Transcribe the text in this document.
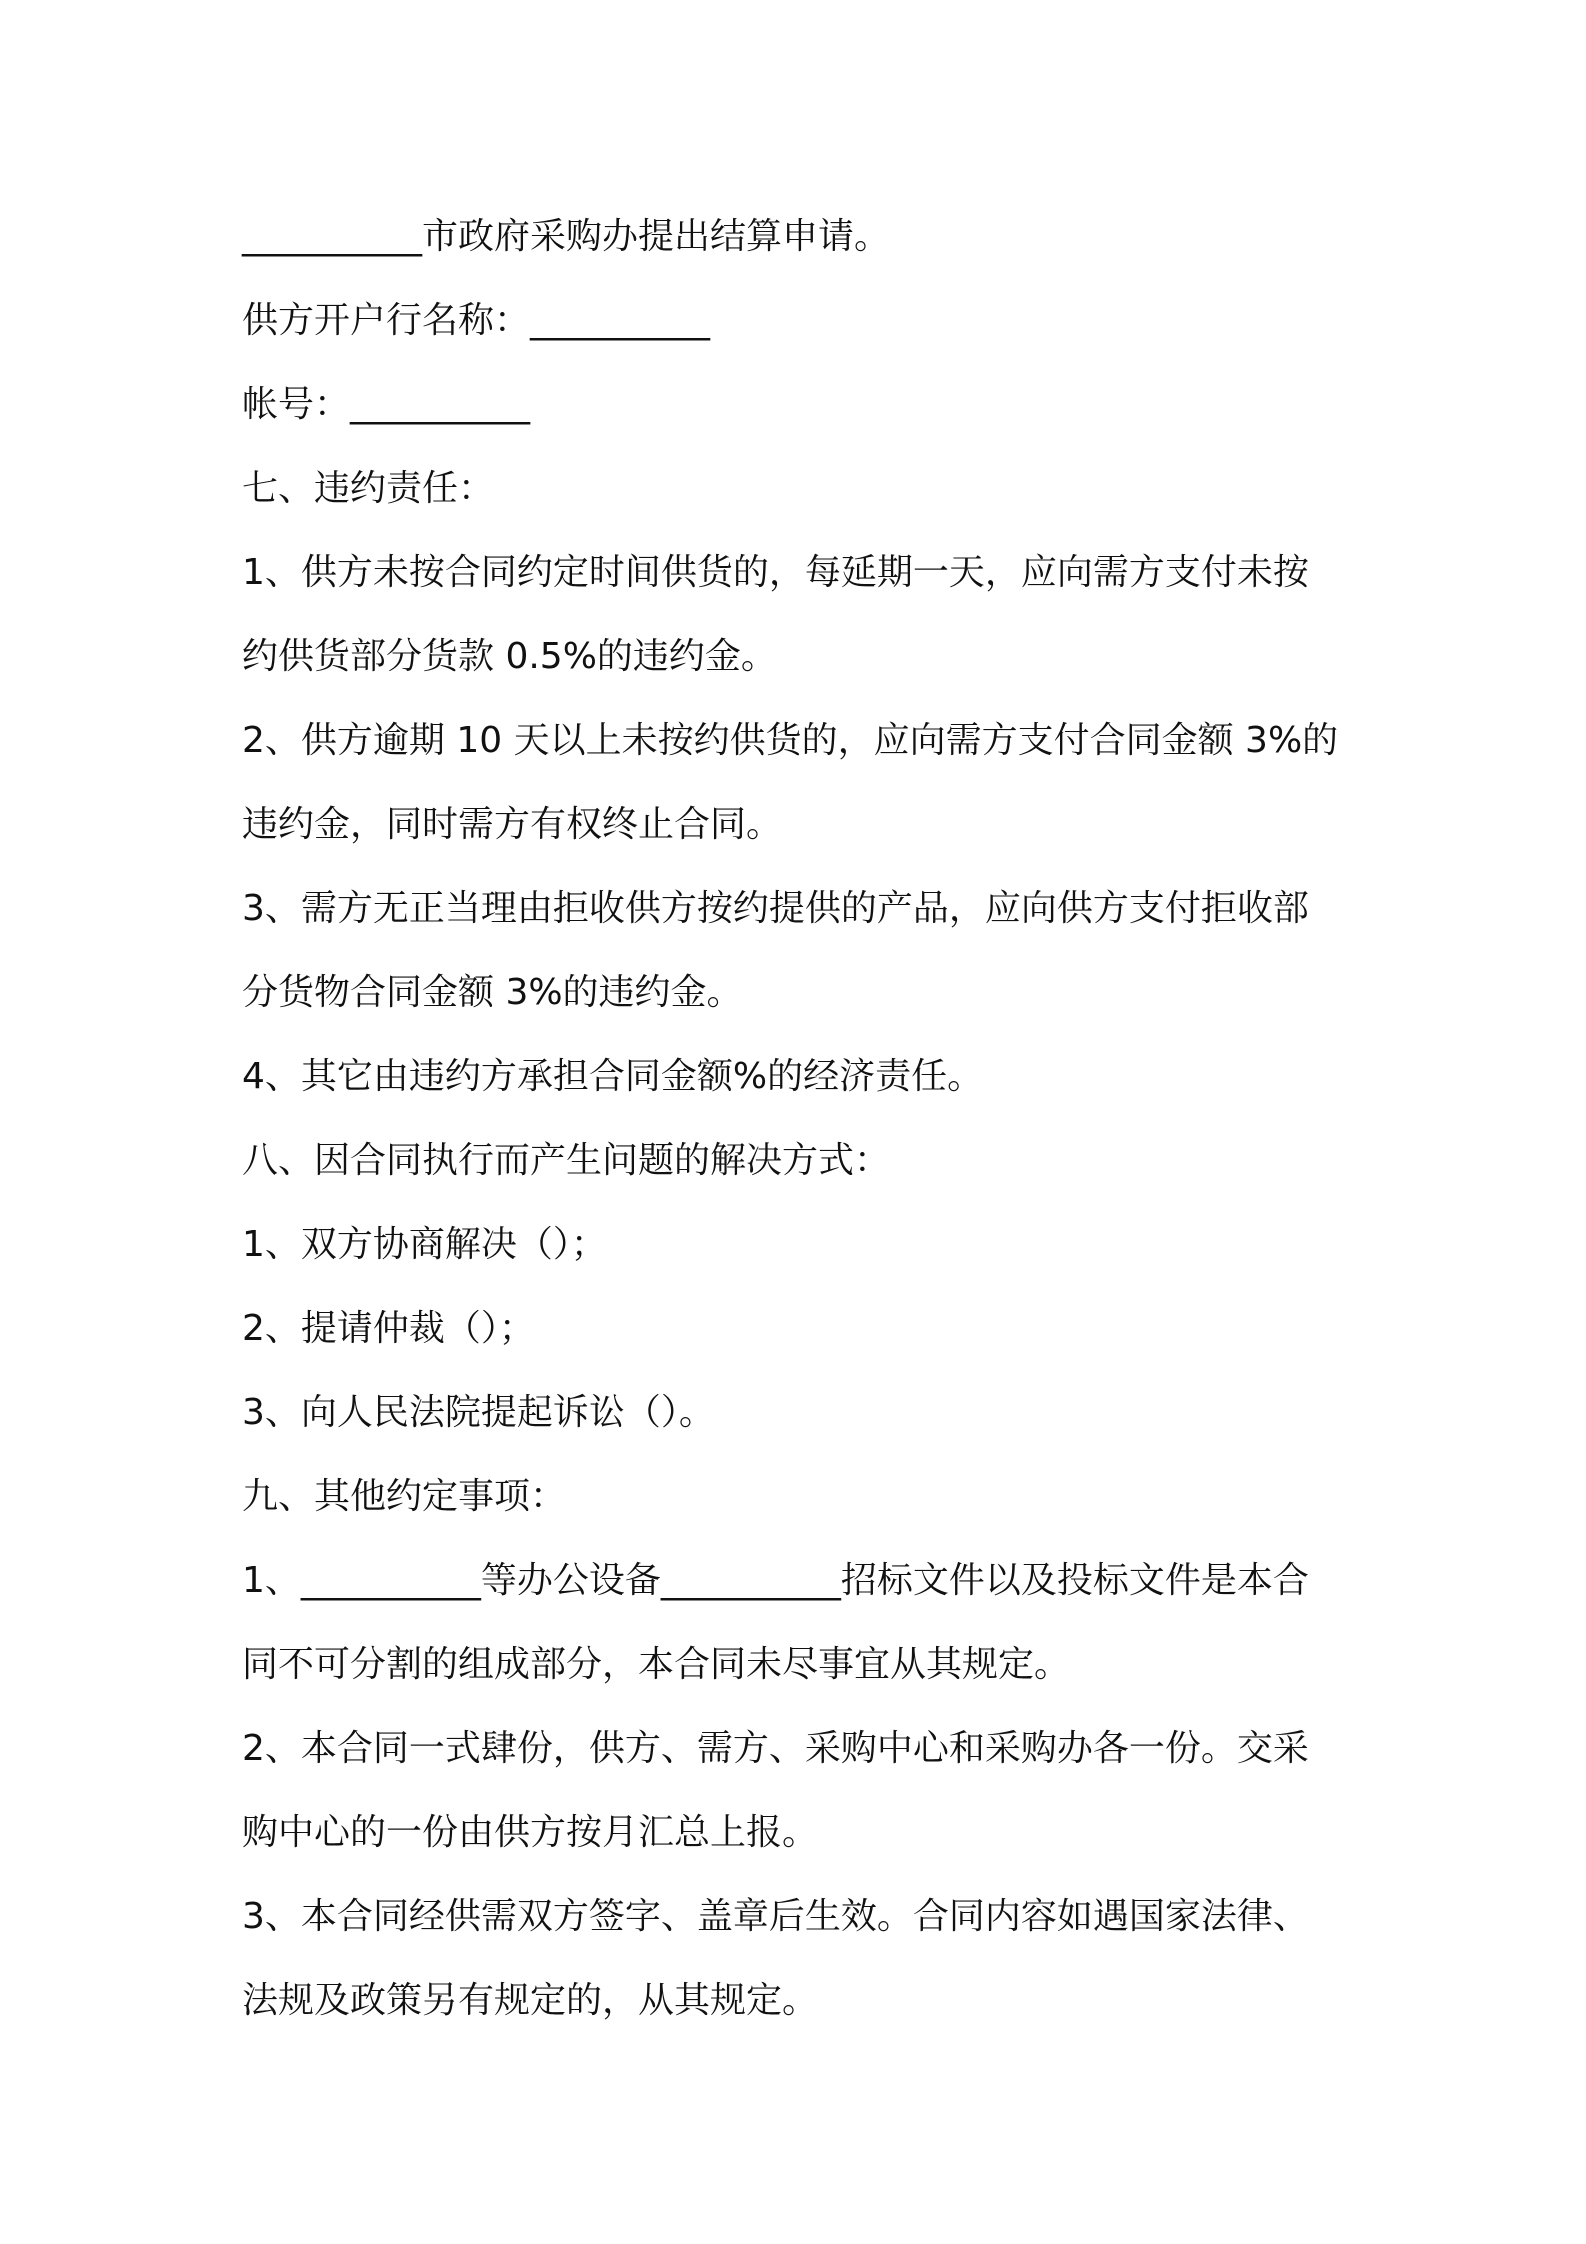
__________市政府采购办提出结算申请。
供方开户行名称：__________
帐号：__________
七、违约责任：
1、供方未按合同约定时间供货的，每延期一天，应向需方支付未按
约供货部分货款 0.5%的违约金。
2、供方逾期 10 天以上未按约供货的，应向需方支付合同金额 3%的
违约金，同时需方有权终止合同。
3、需方无正当理由拒收供方按约提供的产品，应向供方支付拒收部
分货物合同金额 3%的违约金。
4、其它由违约方承担合同金额%的经济责任。
八、因合同执行而产生问题的解决方式：
1、双方协商解决（）；
2、提请仲裁（）；
3、向人民法院提起诉讼（）。
九、其他约定事项：
1、__________等办公设备__________招标文件以及投标文件是本合
同不可分割的组成部分，本合同未尽事宜从其规定。
2、本合同一式肆份，供方、需方、采购中心和采购办各一份。交采
购中心的一份由供方按月汇总上报。
3、本合同经供需双方签字、盖章后生效。合同内容如遇国家法律、
法规及政策另有规定的，从其规定。
